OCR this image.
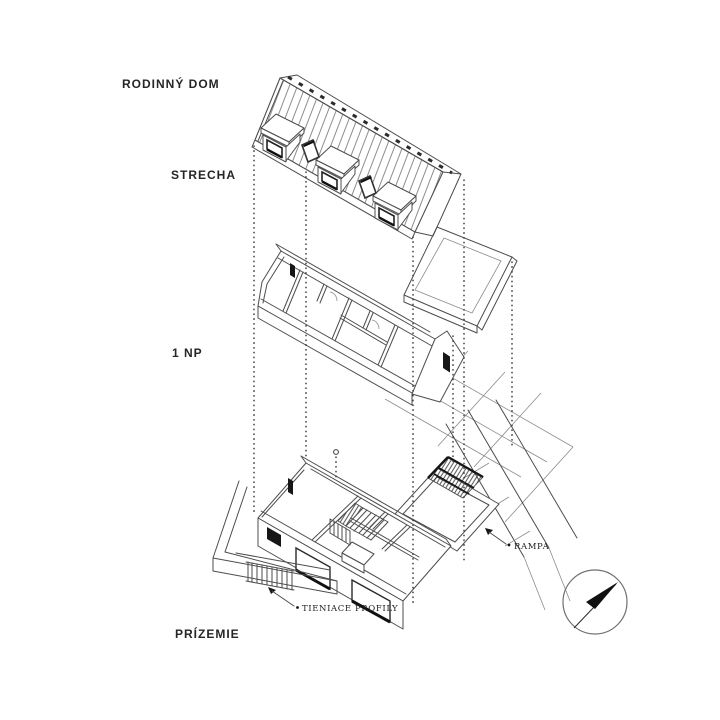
RODINNÝ DOM
STRECHA
1 NP
PRÍZEMIE
TIENIACE PROFILY
RAMPA
